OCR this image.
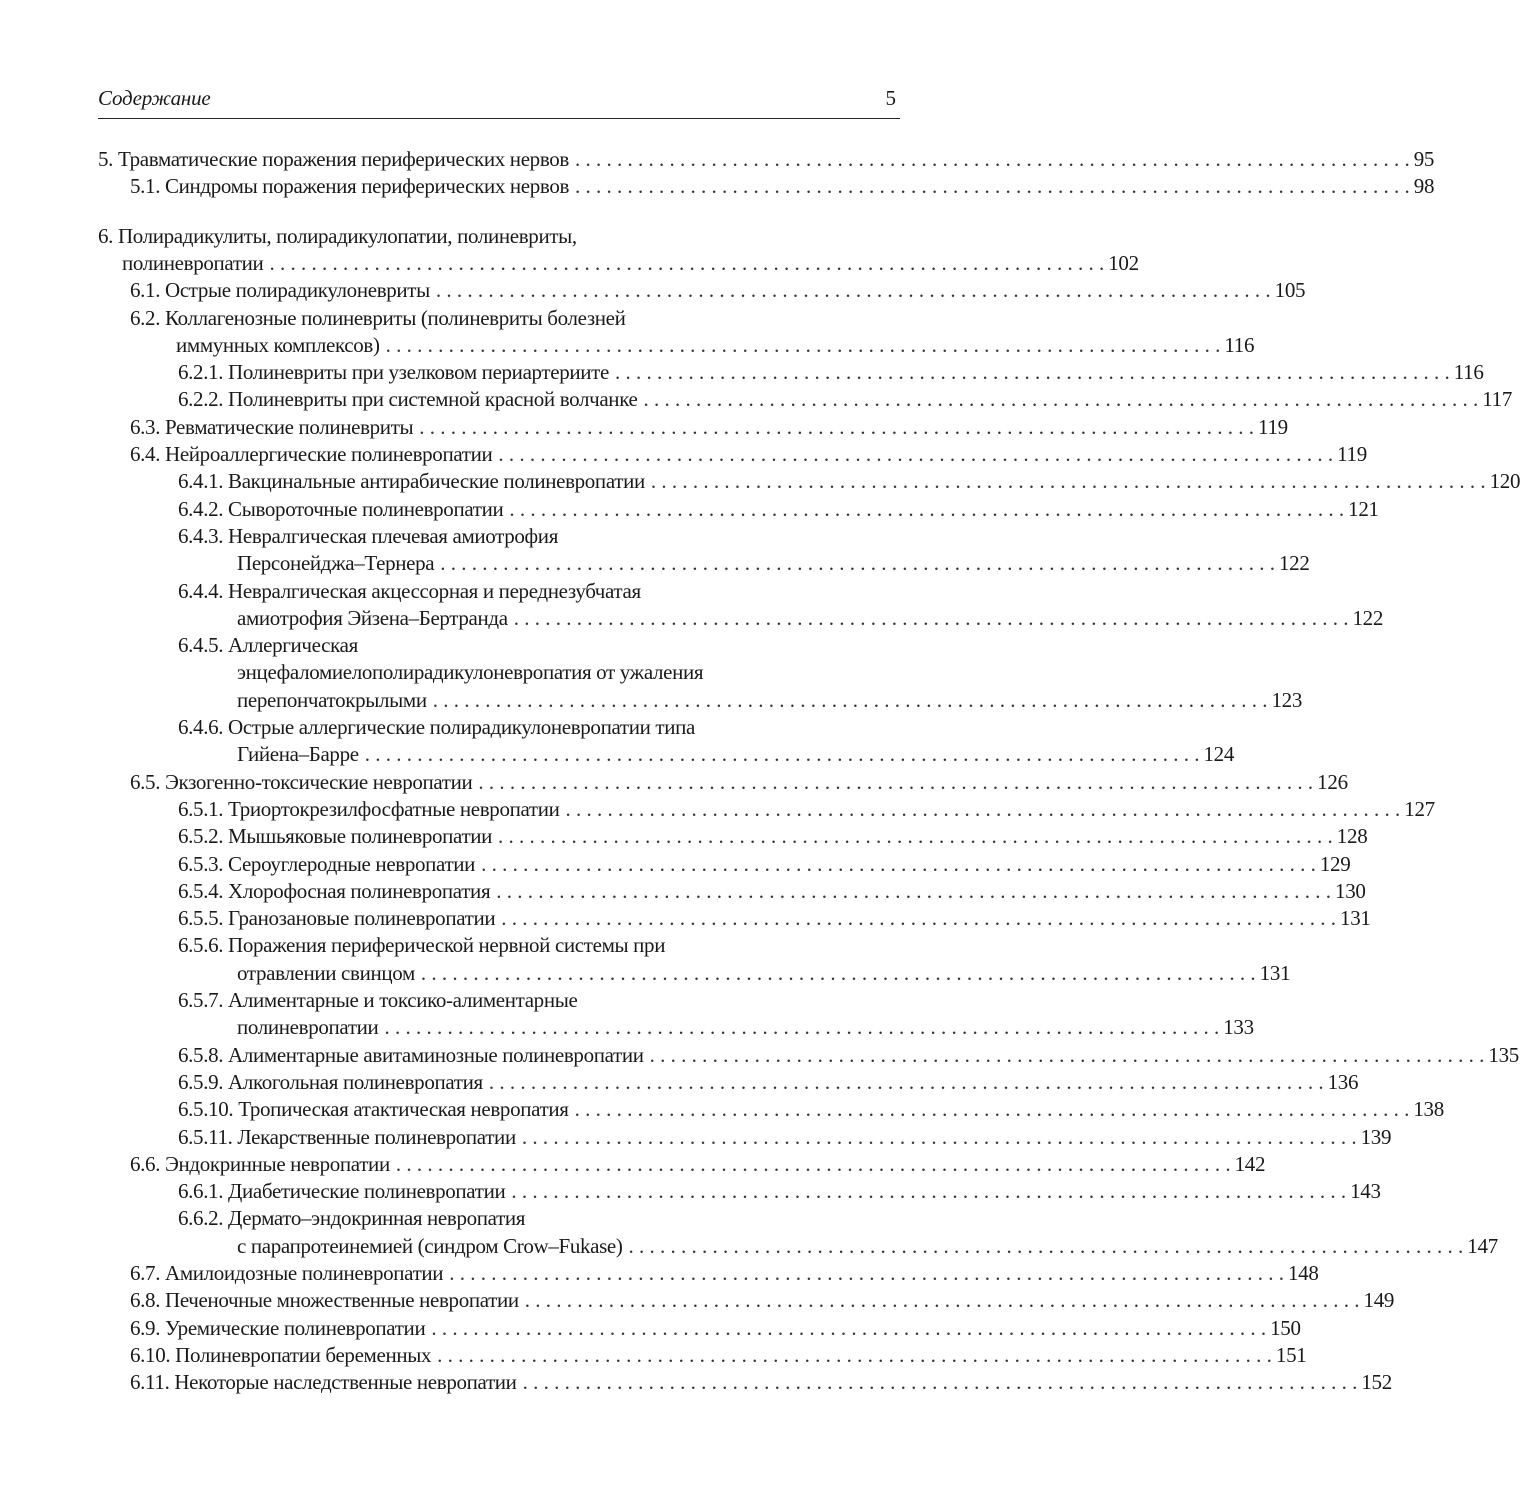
Содержание	5
5. Травматические поражения периферических нервов . . . . . . . . . . . . . . . . . . . . . . . . . . . . . . . . . . . . . . . . . . . . . . . . . . . . . . . . . . . . . . . . . . . . . . . . . . . . . . . . 95
5.1. Синдромы поражения периферических нервов . . . . . . . . . . . . . . . . . . . . . . . . . . . . . . . . . . . . . . . . . . . . . . . . . . . . . . . . . . . . . . . . . . . . . . . . . . . . . . . . 98
6. Полирадикулиты, полирадикулопатии, полиневриты,
полиневропатии . . . . . . . . . . . . . . . . . . . . . . . . . . . . . . . . . . . . . . . . . . . . . . . . . . . . . . . . . . . . . . . . . . . . . . . . . . . . . . . . 102
6.1. Острые полирадикулоневриты . . . . . . . . . . . . . . . . . . . . . . . . . . . . . . . . . . . . . . . . . . . . . . . . . . . . . . . . . . . . . . . . . . . . . . . . . . . . . . . . 105
6.2. Коллагенозные полиневриты (полиневриты болезней
иммунных комплексов) . . . . . . . . . . . . . . . . . . . . . . . . . . . . . . . . . . . . . . . . . . . . . . . . . . . . . . . . . . . . . . . . . . . . . . . . . . . . . . . . 116
6.2.1. Полиневриты при узелковом периартериите . . . . . . . . . . . . . . . . . . . . . . . . . . . . . . . . . . . . . . . . . . . . . . . . . . . . . . . . . . . . . . . . . . . . . . . . . . . . . . . . 116
6.2.2. Полиневриты при системной красной волчанке . . . . . . . . . . . . . . . . . . . . . . . . . . . . . . . . . . . . . . . . . . . . . . . . . . . . . . . . . . . . . . . . . . . . . . . . . . . . . . . . 117
6.3. Ревматические полиневриты . . . . . . . . . . . . . . . . . . . . . . . . . . . . . . . . . . . . . . . . . . . . . . . . . . . . . . . . . . . . . . . . . . . . . . . . . . . . . . . . 119
6.4. Нейроаллергические полиневропатии . . . . . . . . . . . . . . . . . . . . . . . . . . . . . . . . . . . . . . . . . . . . . . . . . . . . . . . . . . . . . . . . . . . . . . . . . . . . . . . . 119
6.4.1. Вакцинальные антирабические полиневропатии . . . . . . . . . . . . . . . . . . . . . . . . . . . . . . . . . . . . . . . . . . . . . . . . . . . . . . . . . . . . . . . . . . . . . . . . . . . . . . . . 120
6.4.2. Сывороточные полиневропатии . . . . . . . . . . . . . . . . . . . . . . . . . . . . . . . . . . . . . . . . . . . . . . . . . . . . . . . . . . . . . . . . . . . . . . . . . . . . . . . . 121
6.4.3. Невралгическая плечевая амиотрофия
Персонейджа–Тернера . . . . . . . . . . . . . . . . . . . . . . . . . . . . . . . . . . . . . . . . . . . . . . . . . . . . . . . . . . . . . . . . . . . . . . . . . . . . . . . . 122
6.4.4. Невралгическая акцессорная и переднезубчатая
амиотрофия Эйзена–Бертранда . . . . . . . . . . . . . . . . . . . . . . . . . . . . . . . . . . . . . . . . . . . . . . . . . . . . . . . . . . . . . . . . . . . . . . . . . . . . . . . . 122
6.4.5. Аллергическая
энцефаломиелополирадикулоневропатия от ужаления
перепончатокрылыми . . . . . . . . . . . . . . . . . . . . . . . . . . . . . . . . . . . . . . . . . . . . . . . . . . . . . . . . . . . . . . . . . . . . . . . . . . . . . . . . 123
6.4.6. Острые аллергические полирадикулоневропатии типа
Гийена–Барре . . . . . . . . . . . . . . . . . . . . . . . . . . . . . . . . . . . . . . . . . . . . . . . . . . . . . . . . . . . . . . . . . . . . . . . . . . . . . . . . 124
6.5. Экзогенно-токсические невропатии . . . . . . . . . . . . . . . . . . . . . . . . . . . . . . . . . . . . . . . . . . . . . . . . . . . . . . . . . . . . . . . . . . . . . . . . . . . . . . . . 126
6.5.1. Триортокрезилфосфатные невропатии . . . . . . . . . . . . . . . . . . . . . . . . . . . . . . . . . . . . . . . . . . . . . . . . . . . . . . . . . . . . . . . . . . . . . . . . . . . . . . . . 127
6.5.2. Мышьяковые полиневропатии . . . . . . . . . . . . . . . . . . . . . . . . . . . . . . . . . . . . . . . . . . . . . . . . . . . . . . . . . . . . . . . . . . . . . . . . . . . . . . . . 128
6.5.3. Сероуглеродные невропатии . . . . . . . . . . . . . . . . . . . . . . . . . . . . . . . . . . . . . . . . . . . . . . . . . . . . . . . . . . . . . . . . . . . . . . . . . . . . . . . . 129
6.5.4. Хлорофосная полиневропатия . . . . . . . . . . . . . . . . . . . . . . . . . . . . . . . . . . . . . . . . . . . . . . . . . . . . . . . . . . . . . . . . . . . . . . . . . . . . . . . . 130
6.5.5. Гранозановые полиневропатии . . . . . . . . . . . . . . . . . . . . . . . . . . . . . . . . . . . . . . . . . . . . . . . . . . . . . . . . . . . . . . . . . . . . . . . . . . . . . . . . 131
6.5.6. Поражения периферической нервной системы при
отравлении свинцом . . . . . . . . . . . . . . . . . . . . . . . . . . . . . . . . . . . . . . . . . . . . . . . . . . . . . . . . . . . . . . . . . . . . . . . . . . . . . . . . 131
6.5.7. Алиментарные и токсико-алиментарные
полиневропатии . . . . . . . . . . . . . . . . . . . . . . . . . . . . . . . . . . . . . . . . . . . . . . . . . . . . . . . . . . . . . . . . . . . . . . . . . . . . . . . . 133
6.5.8. Алиментарные авитаминозные полиневропатии . . . . . . . . . . . . . . . . . . . . . . . . . . . . . . . . . . . . . . . . . . . . . . . . . . . . . . . . . . . . . . . . . . . . . . . . . . . . . . . . 135
6.5.9. Алкогольная полиневропатия . . . . . . . . . . . . . . . . . . . . . . . . . . . . . . . . . . . . . . . . . . . . . . . . . . . . . . . . . . . . . . . . . . . . . . . . . . . . . . . . 136
6.5.10. Тропическая атактическая невропатия . . . . . . . . . . . . . . . . . . . . . . . . . . . . . . . . . . . . . . . . . . . . . . . . . . . . . . . . . . . . . . . . . . . . . . . . . . . . . . . . 138
6.5.11. Лекарственные полиневропатии . . . . . . . . . . . . . . . . . . . . . . . . . . . . . . . . . . . . . . . . . . . . . . . . . . . . . . . . . . . . . . . . . . . . . . . . . . . . . . . . 139
6.6. Эндокринные невропатии . . . . . . . . . . . . . . . . . . . . . . . . . . . . . . . . . . . . . . . . . . . . . . . . . . . . . . . . . . . . . . . . . . . . . . . . . . . . . . . . 142
6.6.1. Диабетические полиневропатии . . . . . . . . . . . . . . . . . . . . . . . . . . . . . . . . . . . . . . . . . . . . . . . . . . . . . . . . . . . . . . . . . . . . . . . . . . . . . . . . 143
6.6.2. Дермато–эндокринная невропатия
с парапротеинемией (синдром Crow–Fukase) . . . . . . . . . . . . . . . . . . . . . . . . . . . . . . . . . . . . . . . . . . . . . . . . . . . . . . . . . . . . . . . . . . . . . . . . . . . . . . . . 147
6.7. Амилоидозные полиневропатии . . . . . . . . . . . . . . . . . . . . . . . . . . . . . . . . . . . . . . . . . . . . . . . . . . . . . . . . . . . . . . . . . . . . . . . . . . . . . . . . 148
6.8. Печеночные множественные невропатии . . . . . . . . . . . . . . . . . . . . . . . . . . . . . . . . . . . . . . . . . . . . . . . . . . . . . . . . . . . . . . . . . . . . . . . . . . . . . . . . 149
6.9. Уремические полиневропатии . . . . . . . . . . . . . . . . . . . . . . . . . . . . . . . . . . . . . . . . . . . . . . . . . . . . . . . . . . . . . . . . . . . . . . . . . . . . . . . . 150
6.10. Полиневропатии беременных . . . . . . . . . . . . . . . . . . . . . . . . . . . . . . . . . . . . . . . . . . . . . . . . . . . . . . . . . . . . . . . . . . . . . . . . . . . . . . . . 151
6.11. Некоторые наследственные невропатии . . . . . . . . . . . . . . . . . . . . . . . . . . . . . . . . . . . . . . . . . . . . . . . . . . . . . . . . . . . . . . . . . . . . . . . . . . . . . . . . 152
